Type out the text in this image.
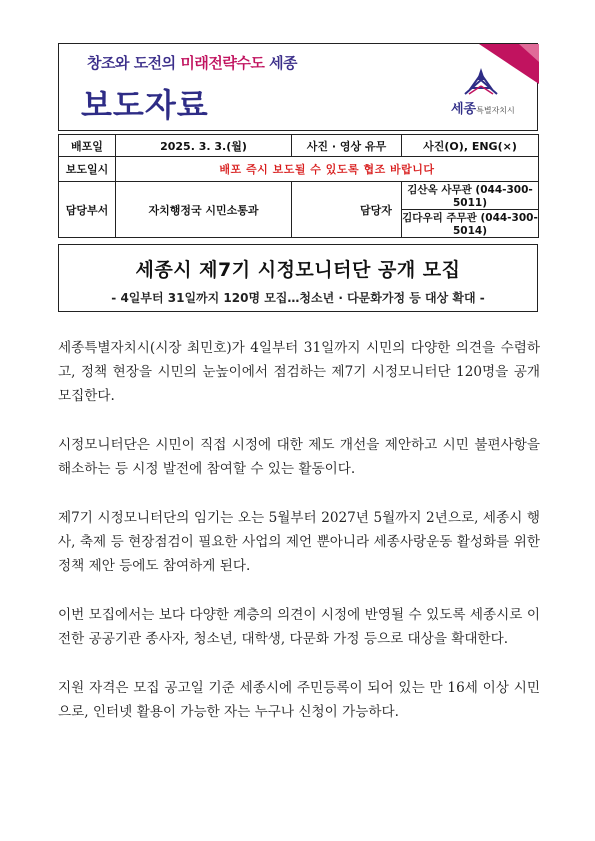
창조와 도전의 미래전략수도 세종
보도자료	세종특별자치시
배포일	2025. 3. 3.(월)	사진 · 영상 유무	사진(O), ENG(×)
보도일시	배포 즉시 보도될 수 있도록 협조 바랍니다		
담당부서	자치행정국 시민소통과	담당자	김산옥 사무관 (044-300-5011)
			김다우리 주무관 (044-300-5014)
세종시 제7기 시정모니터단 공개 모집
- 4일부터 31일까지 120명 모집…청소년 · 다문화가정 등 대상 확대 -

세종특별자치시(시장 최민호)가 4일부터 31일까지 시민의 다양한 의견을 수렴하고, 정책 현장을 시민의 눈높이에서 점검하는 제7기 시정모니터단 120명을 공개 모집한다.

시정모니터단은 시민이 직접 시정에 대한 제도 개선을 제안하고 시민 불편사항을 해소하는 등 시정 발전에 참여할 수 있는 활동이다.

제7기 시정모니터단의 임기는 오는 5월부터 2027년 5월까지 2년으로, 세종시 행사, 축제 등 현장점검이 필요한 사업의 제언 뿐아니라 세종사랑운동 활성화를 위한 정책 제안 등에도 참여하게 된다.

이번 모집에서는 보다 다양한 계층의 의견이 시정에 반영될 수 있도록 세종시로 이전한 공공기관 종사자, 청소년, 대학생, 다문화 가정 등으로 대상을 확대한다.

지원 자격은 모집 공고일 기준 세종시에 주민등록이 되어 있는 만 16세 이상 시민으로, 인터넷 활용이 가능한 자는 누구나 신청이 가능하다.
